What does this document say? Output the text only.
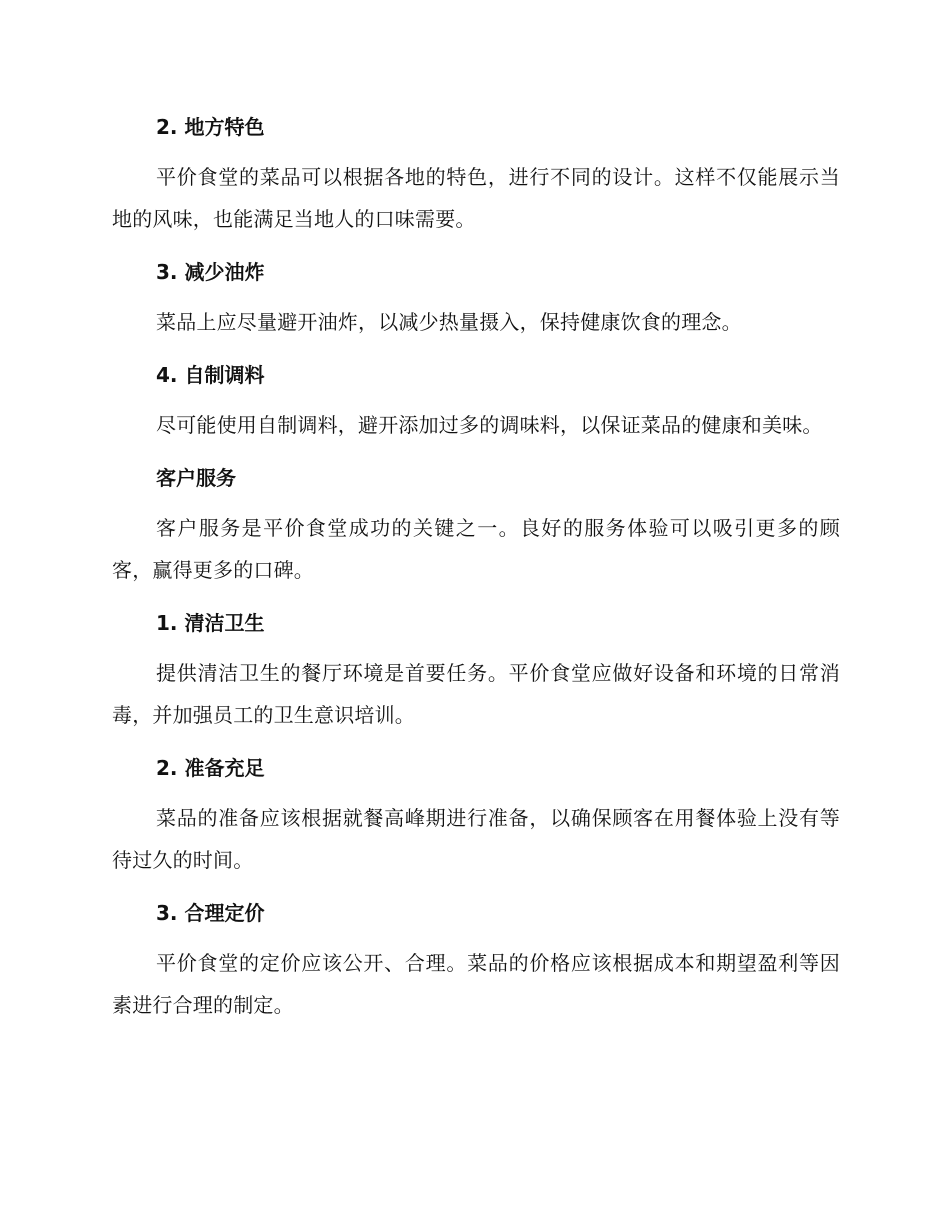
2. 地方特色

平价食堂的菜品可以根据各地的特色，进行不同的设计。这样不仅能展示当地的风味，也能满足当地人的口味需要。

3. 减少油炸

菜品上应尽量避开油炸，以减少热量摄入，保持健康饮食的理念。

4. 自制调料

尽可能使用自制调料，避开添加过多的调味料，以保证菜品的健康和美味。

客户服务

客户服务是平价食堂成功的关键之一。良好的服务体验可以吸引更多的顾客，赢得更多的口碑。

1. 清洁卫生

提供清洁卫生的餐厅环境是首要任务。平价食堂应做好设备和环境的日常消毒，并加强员工的卫生意识培训。

2. 准备充足

菜品的准备应该根据就餐高峰期进行准备，以确保顾客在用餐体验上没有等待过久的时间。

3. 合理定价

平价食堂的定价应该公开、合理。菜品的价格应该根据成本和期望盈利等因素进行合理的制定。
